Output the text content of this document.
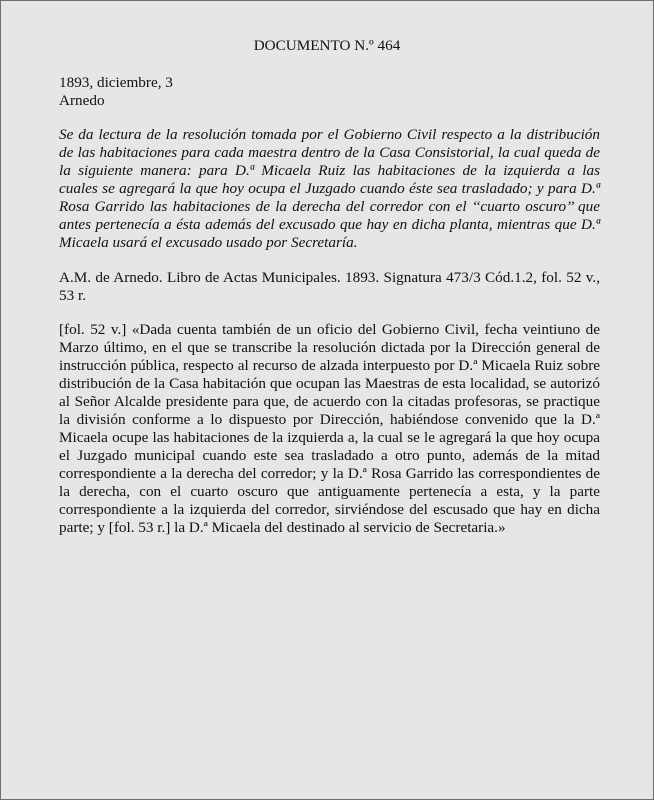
DOCUMENTO N.º 464
1893, diciembre, 3
Arnedo
Se da lectura de la resolución tomada por el Gobierno Civil respecto a la distribución
de las habitaciones para cada maestra dentro de la Casa Consistorial, la cual queda de
la siguiente manera: para D.ª Micaela Ruiz las habitaciones de la izquierda a las
cuales se agregará la que hoy ocupa el Juzgado cuando éste sea trasladado; y para D.ª
Rosa Garrido las habitaciones de la derecha del corredor con el ‘‘cuarto oscuro’’ que
antes pertenecía a ésta además del excusado que hay en dicha planta, mientras que D.ª
Micaela usará el excusado usado por Secretaría.
A.M. de Arnedo. Libro de Actas Municipales. 1893. Signatura 473/3 Cód.1.2, fol. 52 v.,
53 r.
[fol. 52 v.] «Dada cuenta también de un oficio del Gobierno Civil, fecha veintiuno de
Marzo último, en el que se transcribe la resolución dictada por la Dirección general de
instrucción pública, respecto al recurso de alzada interpuesto por D.ª Micaela Ruiz sobre
distribución de la Casa habitación que ocupan las Maestras de esta localidad, se autorizó
al Señor Alcalde presidente para que, de acuerdo con la citadas profesoras, se practique
la división conforme a lo dispuesto por Dirección, habiéndose convenido que la D.ª
Micaela ocupe las habitaciones de la izquierda a, la cual se le agregará la que hoy ocupa
el Juzgado municipal cuando este sea trasladado a otro punto, además de la mitad
correspondiente a la derecha del corredor; y la D.ª Rosa Garrido las correspondientes de
la derecha, con el cuarto oscuro que antiguamente pertenecía a esta, y la parte
correspondiente a la izquierda del corredor, sirviéndose del escusado que hay en dicha
parte; y [fol. 53 r.] la D.ª Micaela del destinado al servicio de Secretaria.»
